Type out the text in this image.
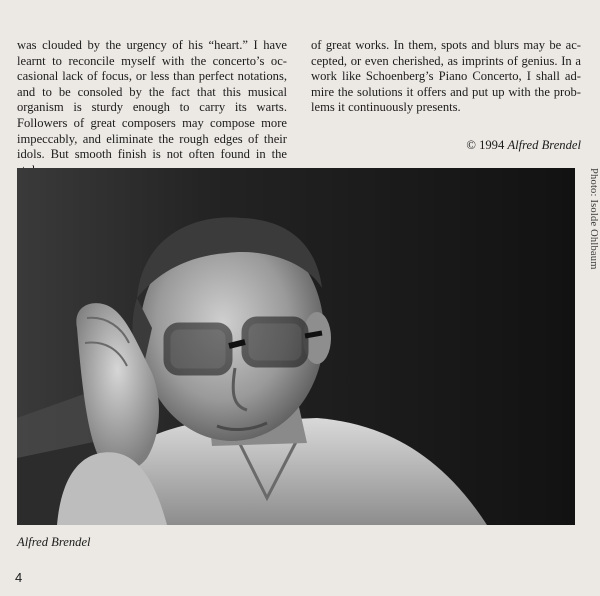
was clouded by the urgency of his “heart.” I have learnt to reconcile myself with the concerto’s occasional lack of focus, or less than perfect notations, and to be consoled by the fact that this musical organism is sturdy enough to carry its warts. Followers of great composers may compose more impeccably, and eliminate the rough edges of their idols. But smooth finish is not often found in the

of great works. In them, spots and blurs may be accepted, or even cherished, as imprints of genius. In a work like Schoenberg’s Piano Concerto, I shall admire the solutions it offers and put up with the problems it continuously presents.

© 1994 Alfred Brendel
Photo: Isolde Ohlbaum
Alfred Brendel
4
